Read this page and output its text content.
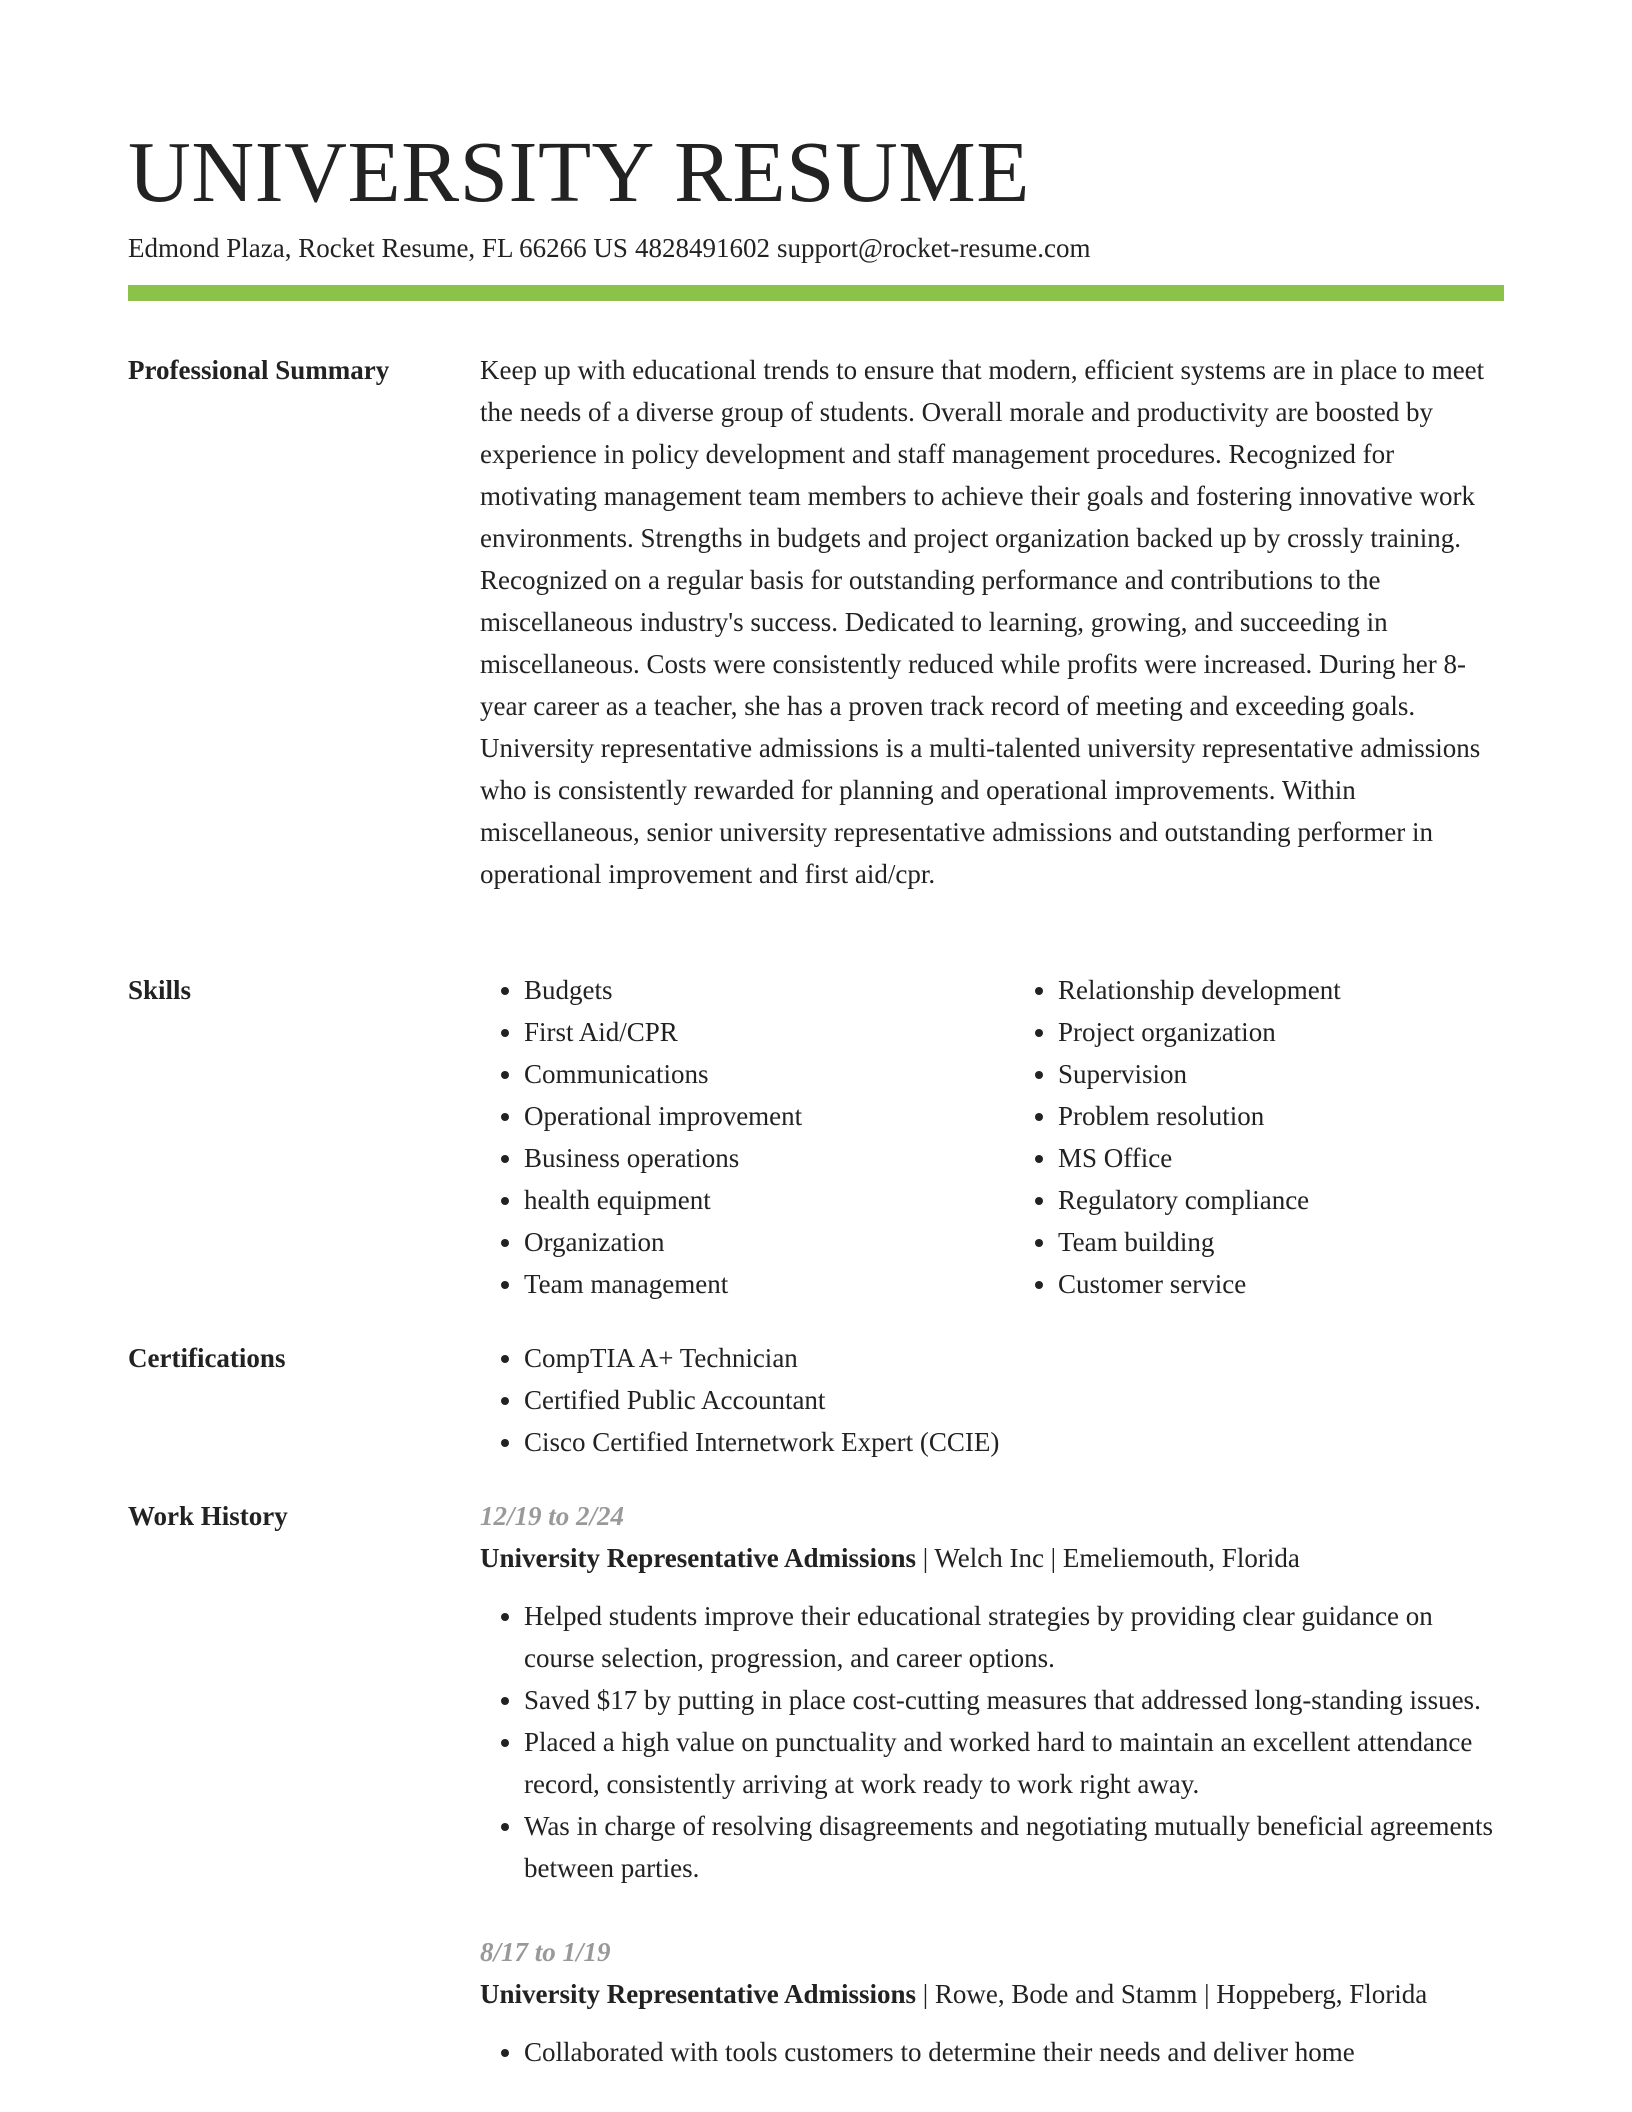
UNIVERSITY RESUME
Edmond Plaza, Rocket Resume, FL 66266 US 4828491602 support@rocket-resume.com
Professional Summary	Keep up with educational trends to ensure that modern, efficient systems are in place to meet the needs of a diverse group of students. Overall morale and productivity are boosted by experience in policy development and staff management procedures. Recognized for motivating management team members to achieve their goals and fostering innovative work environments. Strengths in budgets and project organization backed up by crossly training. Recognized on a regular basis for outstanding performance and contributions to the miscellaneous industry's success. Dedicated to learning, growing, and succeeding in miscellaneous. Costs were consistently reduced while profits were increased. During her 8-year career as a teacher, she has a proven track record of meeting and exceeding goals. University representative admissions is a multi-talented university representative admissions who is consistently rewarded for planning and operational improvements. Within miscellaneous, senior university representative admissions and outstanding performer in operational improvement and first aid/cpr.

Skills	• Budgets
• First Aid/CPR
• Communications
• Operational improvement
• Business operations
• health equipment
• Organization
• Team management
• Relationship development
• Project organization
• Supervision
• Problem resolution
• MS Office
• Regulatory compliance
• Team building
• Customer service
Certifications	• CompTIA A+ Technician
• Certified Public Accountant
• Cisco Certified Internetwork Expert (CCIE)
Work History	12/19 to 2/24
University Representative Admissions | Welch Inc | Emeliemouth, Florida
• Helped students improve their educational strategies by providing clear guidance on course selection, progression, and career options.
• Saved $17 by putting in place cost-cutting measures that addressed long-standing issues.
• Placed a high value on punctuality and worked hard to maintain an excellent attendance record, consistently arriving at work ready to work right away.
• Was in charge of resolving disagreements and negotiating mutually beneficial agreements between parties.
8/17 to 1/19
University Representative Admissions | Rowe, Bode and Stamm | Hoppeberg, Florida
• Collaborated with tools customers to determine their needs and deliver home
